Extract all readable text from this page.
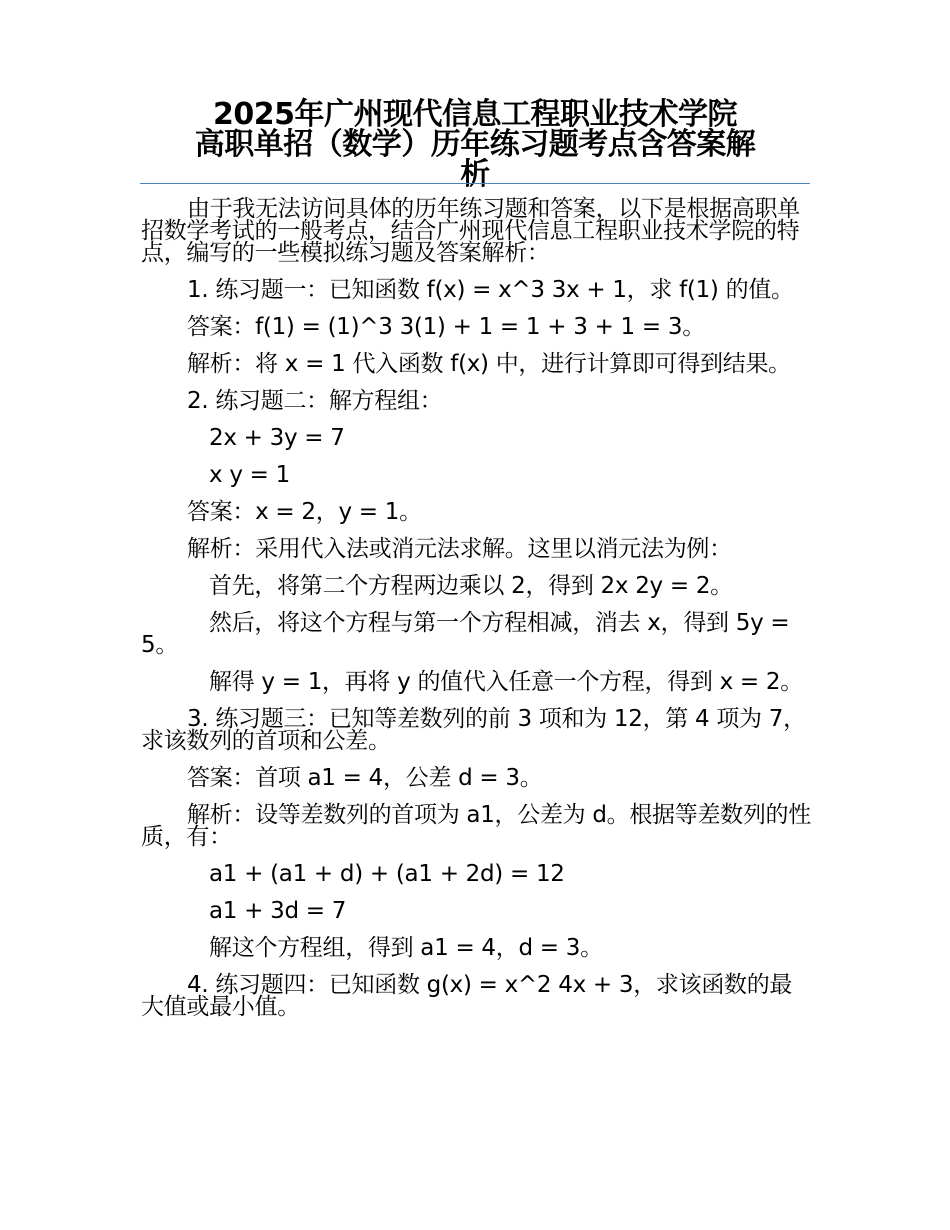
2025年广州现代信息工程职业技术学院
高职单招（数学）历年练习题考点含答案解
析

由于我无法访问具体的历年练习题和答案，以下是根据高职单招数学考试的一般考点，结合广州现代信息工程职业技术学院的特点，编写的一些模拟练习题及答案解析：

1. 练习题一：已知函数 f(x) = x^3 3x + 1，求 f(1) 的值。

答案：f(1) = (1)^3 3(1) + 1 = 1 + 3 + 1 = 3。

解析：将 x = 1 代入函数 f(x) 中，进行计算即可得到结果。

2. 练习题二：解方程组：

2x + 3y = 7

x y = 1

答案：x = 2，y = 1。

解析：采用代入法或消元法求解。这里以消元法为例：

首先，将第二个方程两边乘以 2，得到 2x 2y = 2。

然后，将这个方程与第一个方程相减，消去 x，得到 5y = 5。

解得 y = 1，再将 y 的值代入任意一个方程，得到 x = 2。

3. 练习题三：已知等差数列的前 3 项和为 12，第 4 项为 7，求该数列的首项和公差。

答案：首项 a1 = 4，公差 d = 3。

解析：设等差数列的首项为 a1，公差为 d。根据等差数列的性质，有：

a1 + (a1 + d) + (a1 + 2d) = 12

a1 + 3d = 7

解这个方程组，得到 a1 = 4，d = 3。

4. 练习题四：已知函数 g(x) = x^2 4x + 3，求该函数的最大值或最小值。
